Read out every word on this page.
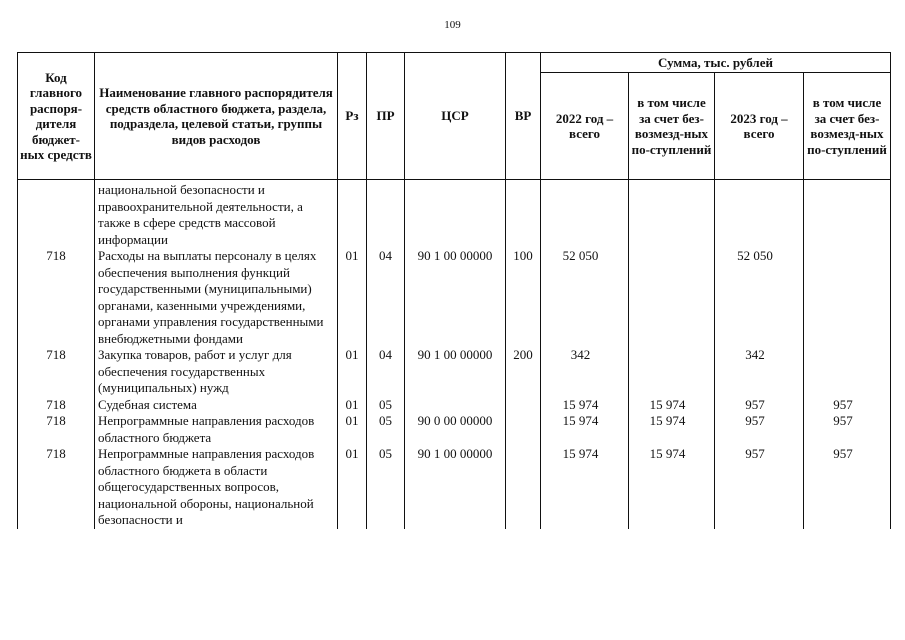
109
Код главного распоря-дителя бюджет-ных средств	Наименование главного распорядителя средств областного бюджета, раздела, подраздела, целевой статьи, группы видов расходов	Рз	ПР	ЦСР	ВР	Сумма, тыс. рублей			
						2022 год – всего	в том числе за счет без-возмезд-ных по-ступлений	2023 год – всего	в том числе за счет без-возмезд-ных по-ступлений
	национальной безопасности и правоохранительной деятельности, а также в сфере средств массовой информации								
718	Расходы на выплаты персоналу в целях обеспечения выполнения функций государственными (муниципальными) органами, казенными учреждениями, органами управления государственными внебюджетными фондами	01	04	90 1 00 00000	100	52 050		52 050	
718	Закупка товаров, работ и услуг для обеспечения государственных (муниципальных) нужд	01	04	90 1 00 00000	200	342		342	
718	Судебная система	01	05			15 974	15 974	957	957
718	Непрограммные направления расходов областного бюджета	01	05	90 0 00 00000		15 974	15 974	957	957
718	Непрограммные направления расходов областного бюджета в области общегосударственных вопросов, национальной обороны, национальной безопасности и	01	05	90 1 00 00000		15 974	15 974	957	957
